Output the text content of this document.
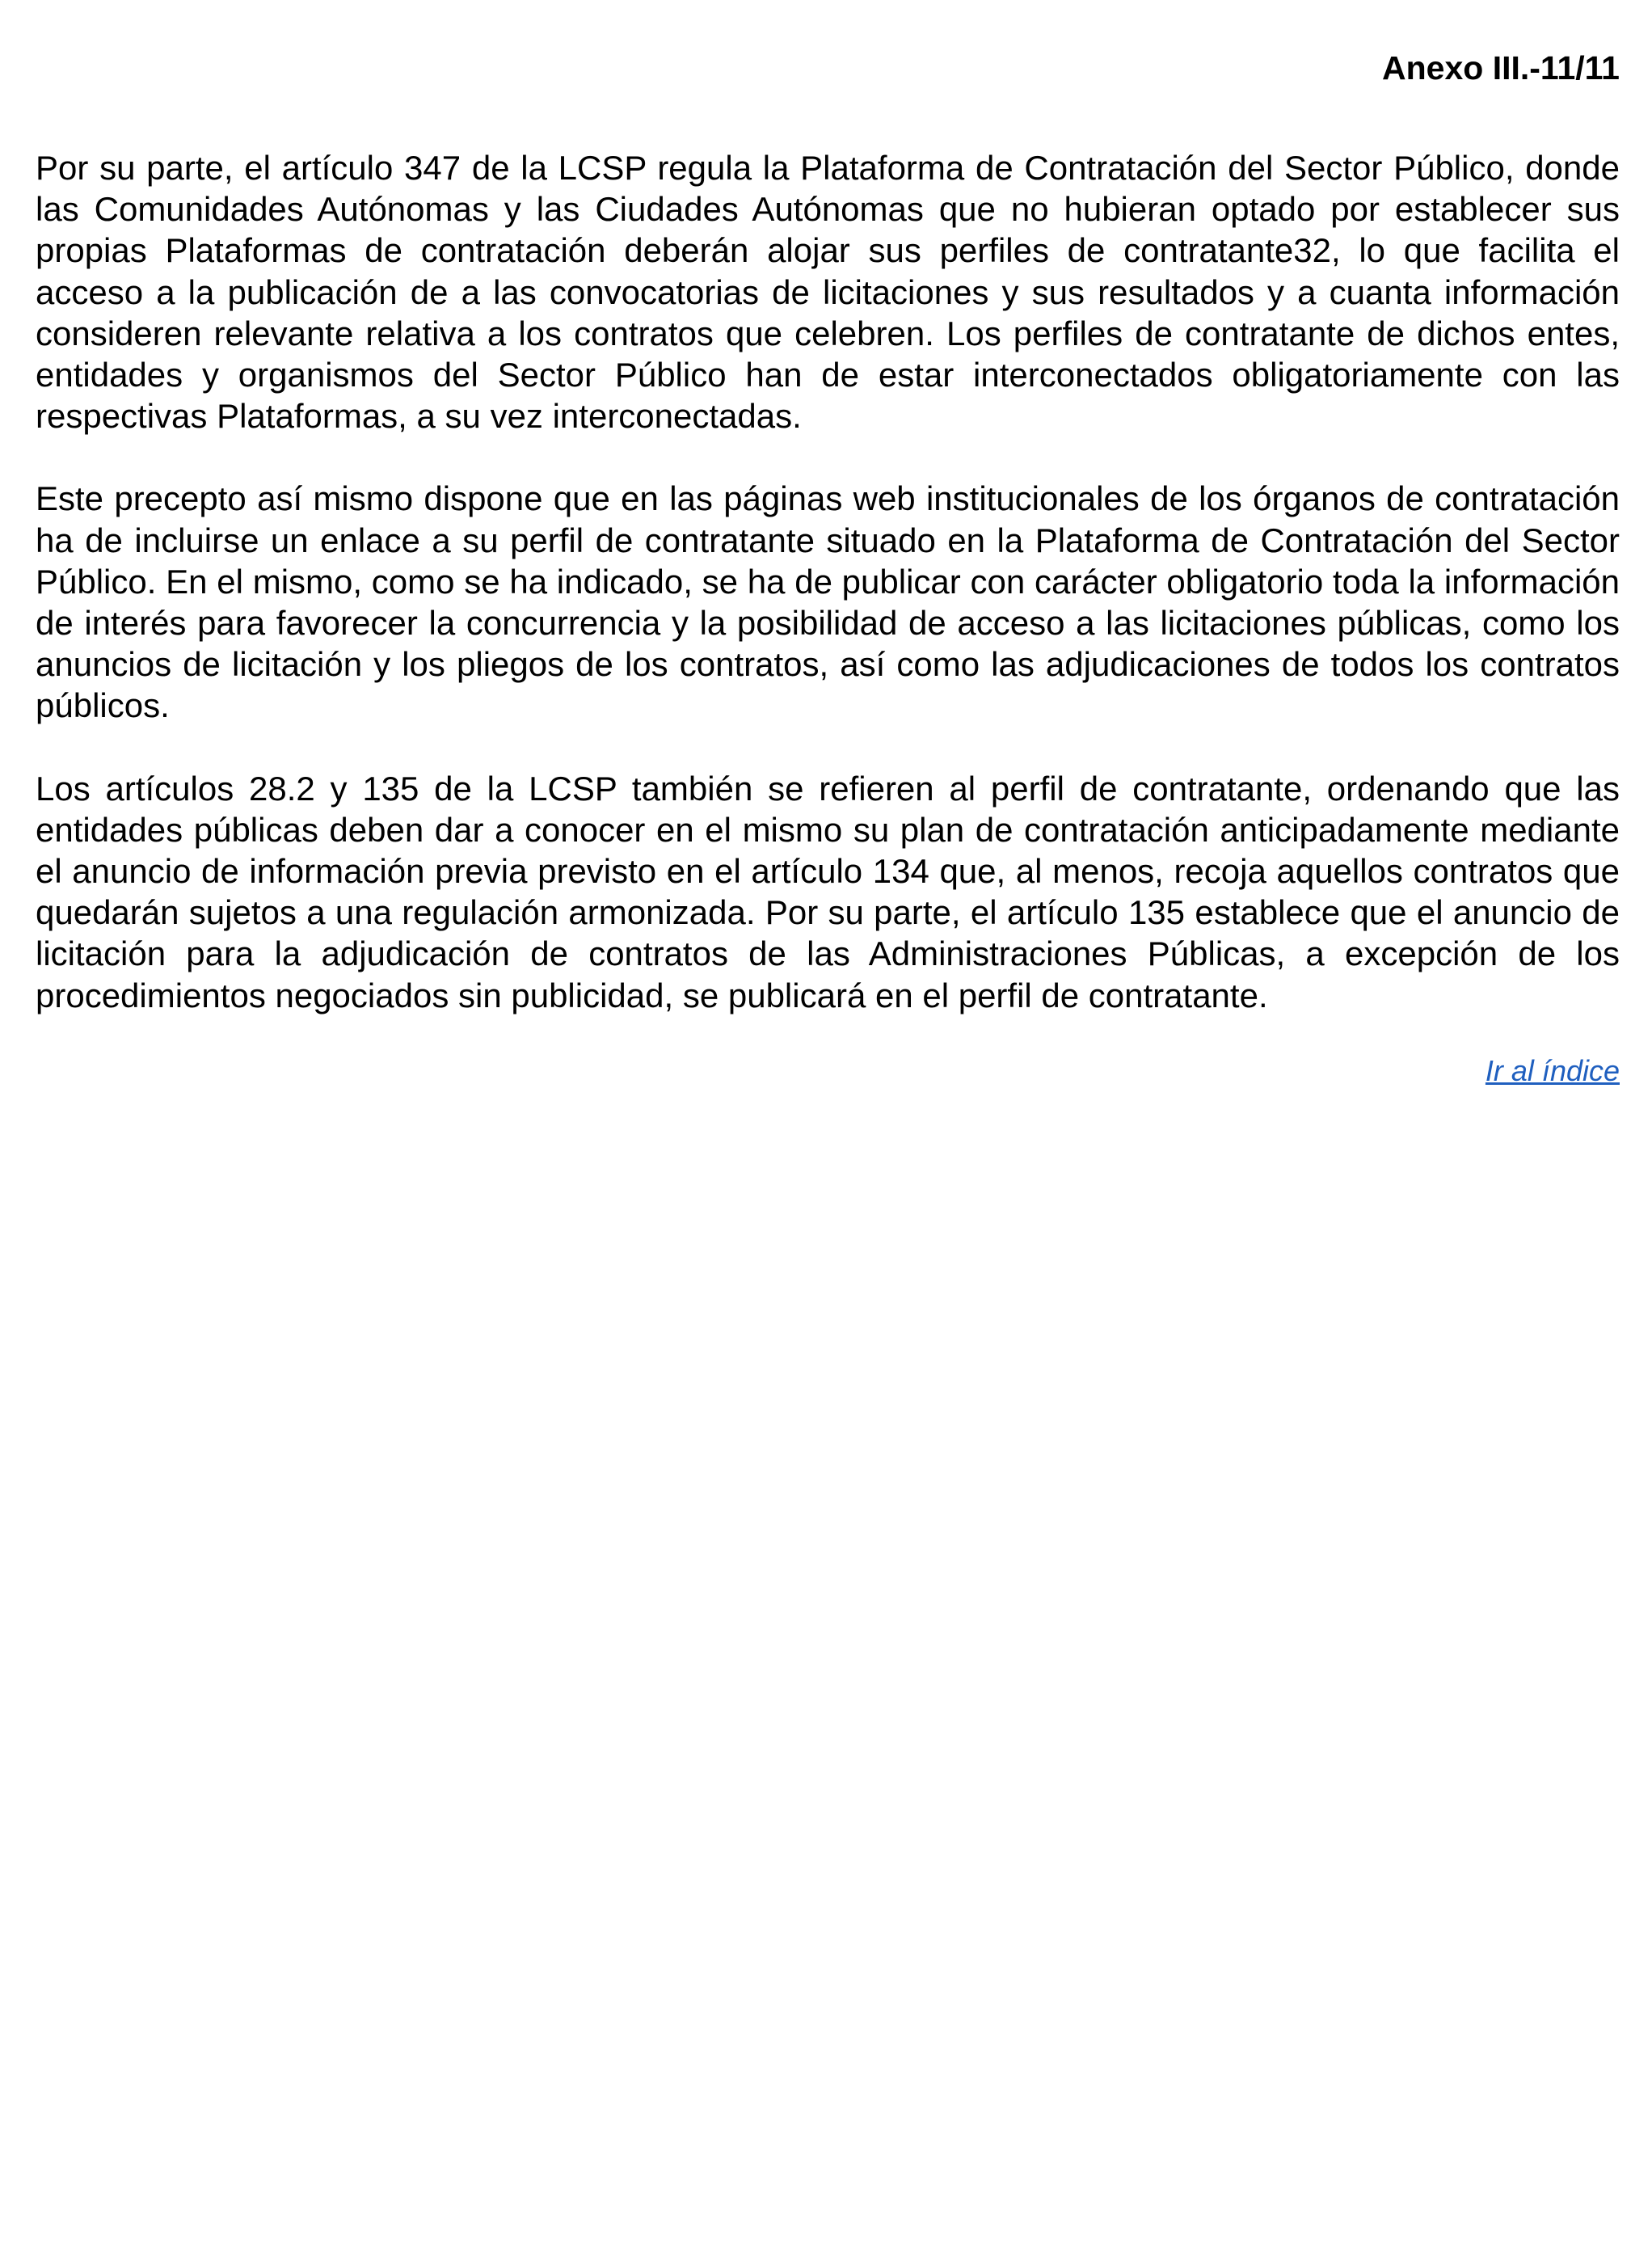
Anexo III.-11/11

Por su parte, el artículo 347 de la LCSP regula la Plataforma de Contratación del Sector Público, donde las Comunidades Autónomas y las Ciudades Autónomas que no hubieran optado por establecer sus propias Plataformas de contratación deberán alojar sus perfiles de contratante32, lo que facilita el acceso a la publicación de a las convocatorias de licitaciones y sus resultados y a cuanta información consideren relevante relativa a los contratos que celebren. Los perfiles de contratante de dichos entes, entidades y organismos del Sector Público han de estar interconectados obligatoriamente con las respectivas Plataformas, a su vez interconectadas.

Este precepto así mismo dispone que en las páginas web institucionales de los órganos de contratación ha de incluirse un enlace a su perfil de contratante situado en la Plataforma de Contratación del Sector Público. En el mismo, como se ha indicado, se ha de publicar con carácter obligatorio toda la información de interés para favorecer la concurrencia y la posibilidad de acceso a las licitaciones públicas, como los anuncios de licitación y los pliegos de los contratos, así como las adjudicaciones de todos los contratos públicos.

Los artículos 28.2 y 135 de la LCSP también se refieren al perfil de contratante, ordenando que las entidades públicas deben dar a conocer en el mismo su plan de contratación anticipadamente mediante el anuncio de información previa previsto en el artículo 134 que, al menos, recoja aquellos contratos que quedarán sujetos a una regulación armonizada. Por su parte, el artículo 135 establece que el anuncio de licitación para la adjudicación de contratos de las Administraciones Públicas, a excepción de los procedimientos negociados sin publicidad, se publicará en el perfil de contratante.

Ir al índice
